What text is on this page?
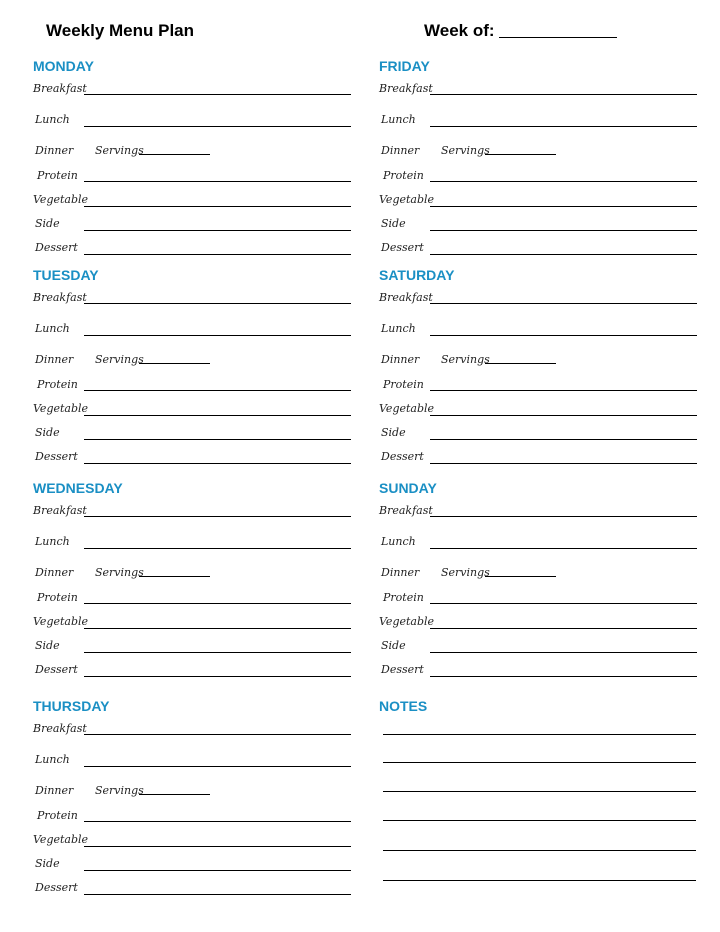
Weekly Menu Plan	Week of:
MONDAY
Breakfast
Lunch
Dinner Servings
Protein
Vegetable
Side
Dessert
TUESDAY
Breakfast
Lunch
Dinner Servings
Protein
Vegetable
Side
Dessert
WEDNESDAY
Breakfast
Lunch
Dinner Servings
Protein
Vegetable
Side
Dessert
THURSDAY
Breakfast
Lunch
Dinner Servings
Protein
Vegetable
Side
Dessert
FRIDAY
Breakfast
Lunch
Dinner Servings
Protein
Vegetable
Side
Dessert
SATURDAY
Breakfast
Lunch
Dinner Servings
Protein
Vegetable
Side
Dessert
SUNDAY
Breakfast
Lunch
Dinner Servings
Protein
Vegetable
Side
Dessert
NOTES
